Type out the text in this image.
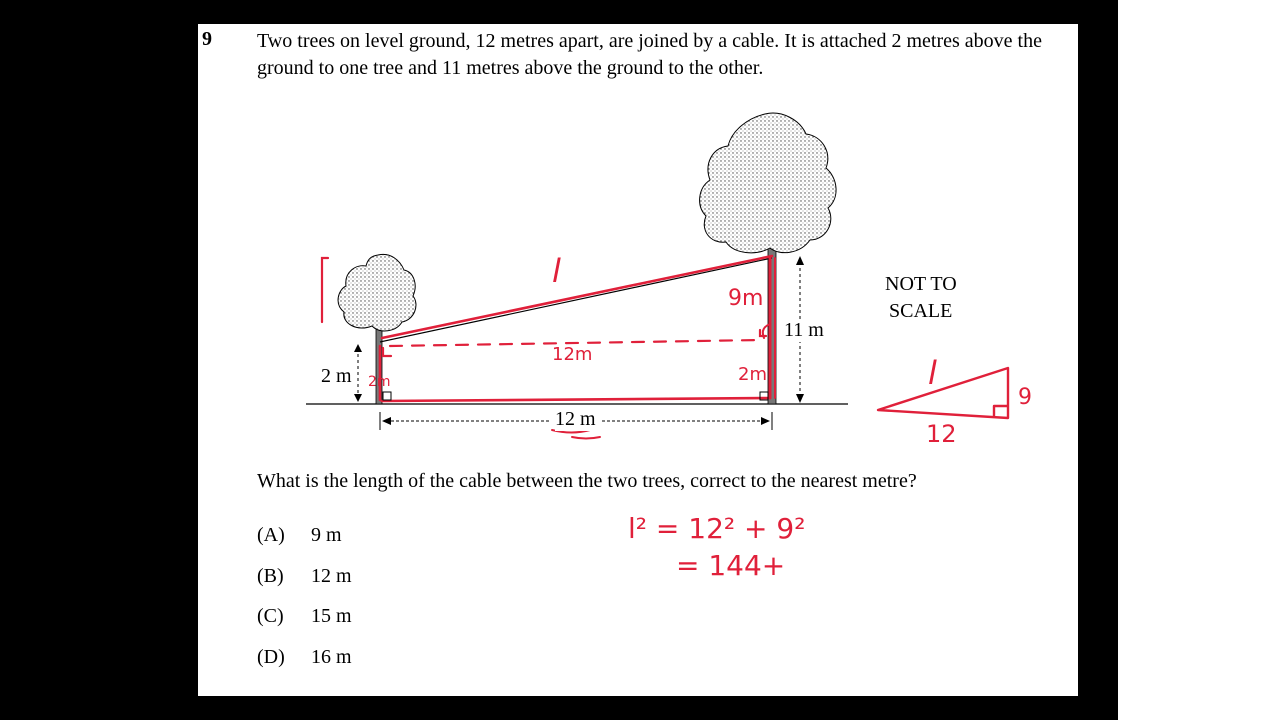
9 Two trees on level ground, 12 metres apart, are joined by a cable. It is attached 2 metres above the ground to one tree and 11 metres above the ground to the other.
l
9m
12m
2m	2m	l
9
12
l² = 12² + 9²
= 144+
2 m
11 m
12 m
NOT TO
SCALE
What is the length of the cable between the two trees, correct to the nearest metre?
(A) 9 m
(B) 12 m
(C) 15 m
(D) 16 m
